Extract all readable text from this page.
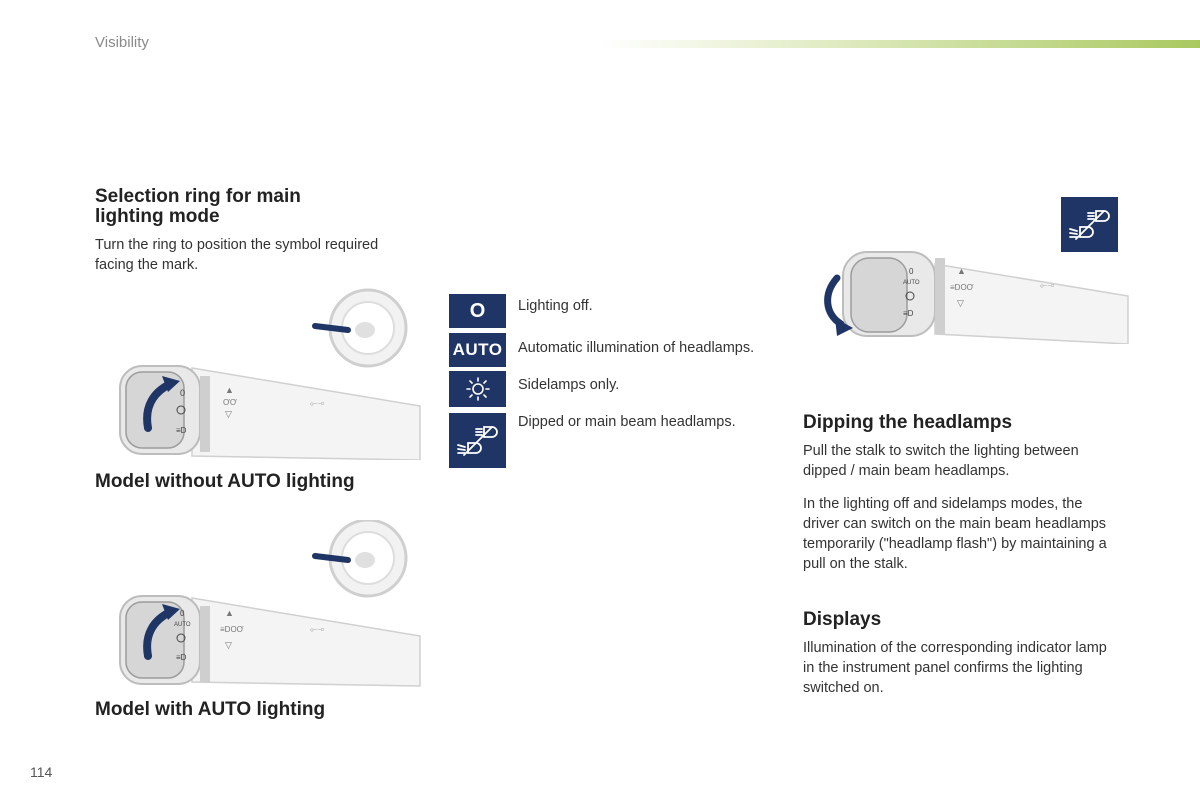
Visibility
Selection ring for main
lighting mode
Turn the ring to position the symbol required
facing the mark.
0
≡D
▲
ƠƠ
▽
⟜⊸
Model without AUTO lighting
0
AUTO
≡D
▲
≡DOƠ
▽
⟜⊸
Model with AUTO lighting
O Lighting off.
AUTO Automatic illumination of headlamps.
Sidelamps only.
Dipped or main beam headlamps.
0
AUTO
≡D
▲
≡DOƠ
▽
⟜⊸
Dipping the headlamps
Pull the stalk to switch the lighting between
dipped / main beam headlamps.
In the lighting off and sidelamps modes, the
driver can switch on the main beam headlamps
temporarily ("headlamp flash") by maintaining a
pull on the stalk.
Displays
Illumination of the corresponding indicator lamp
in the instrument panel confirms the lighting
switched on.
114
